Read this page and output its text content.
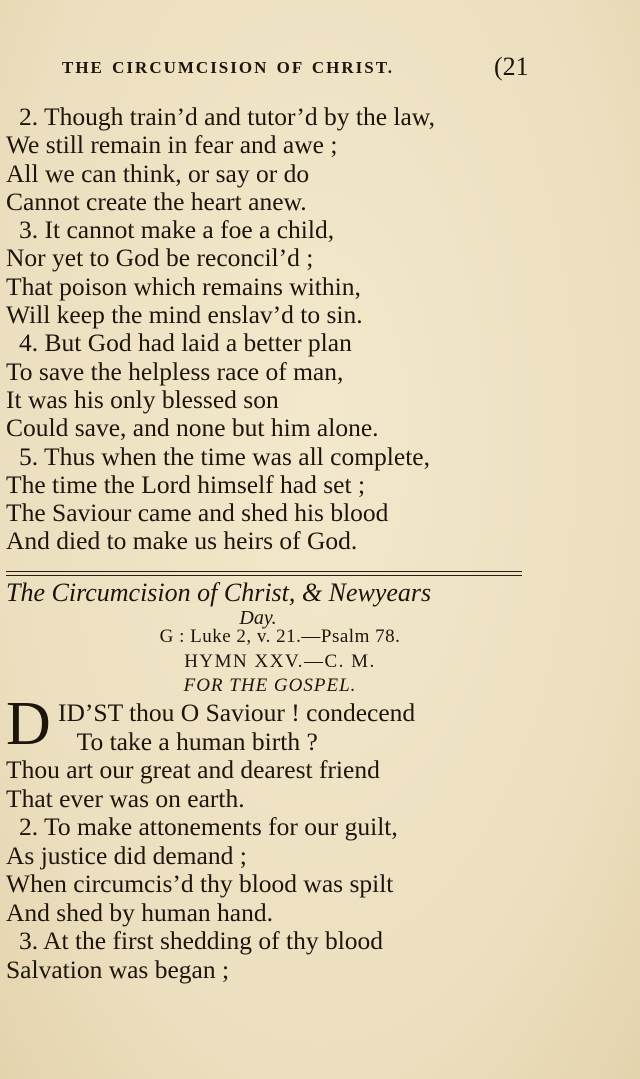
THE CIRCUMCISION OF CHRIST.	(21
2. Though train’d and tutor’d by the law,
We still remain in fear and awe ;
All we can think, or say or do
Cannot create the heart anew.
3. It cannot make a foe a child,
Nor yet to God be reconcil’d ;
That poison which remains within,
Will keep the mind enslav’d to sin.
4. But God had laid a better plan
To save the helpless race of man,
It was his only blessed son
Could save, and none but him alone.
5. Thus when the time was all complete,
The time the Lord himself had set ;
The Saviour came and shed his blood
And died to make us heirs of God.
The Circumcision of Christ, & Newyears
Day.
G : Luke 2, v. 21.—Psalm 78.
HYMN XXV.—C. M.
FOR THE GOSPEL.
D ID’ST thou O Saviour ! condecend
To take a human birth ?
Thou art our great and dearest friend
That ever was on earth.
2. To make attonements for our guilt,
As justice did demand ;
When circumcis’d thy blood was spilt
And shed by human hand.
3. At the first shedding of thy blood
Salvation was began ;
